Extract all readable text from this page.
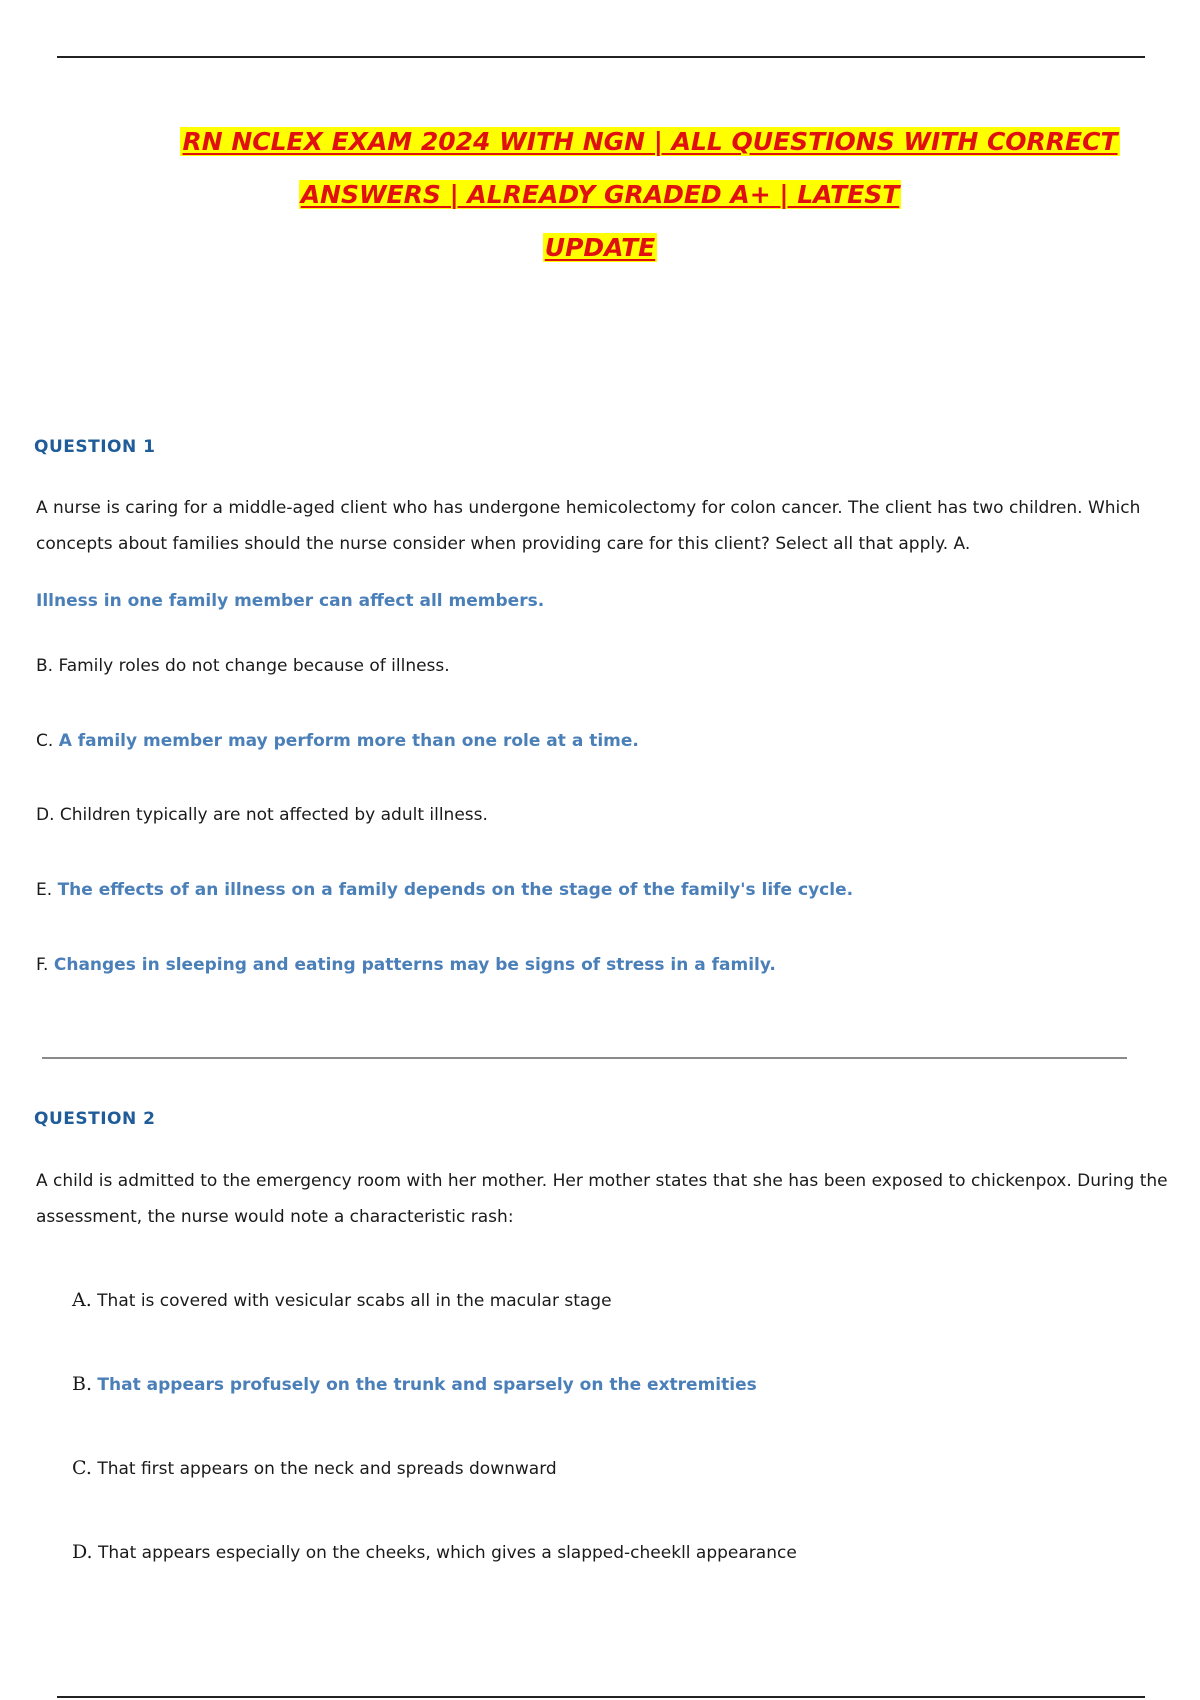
RN NCLEX EXAM 2024 WITH NGN | ALL QUESTIONS WITH CORRECT
ANSWERS | ALREADY GRADED A+ | LATEST
UPDATE
QUESTION 1
A nurse is caring for a middle-aged client who has undergone hemicolectomy for colon cancer. The client has two children. Which concepts about families should the nurse consider when providing care for this client? Select all that apply. A.
Illness in one family member can affect all members.
B. Family roles do not change because of illness.
C. A family member may perform more than one role at a time.
D. Children typically are not affected by adult illness.
E. The effects of an illness on a family depends on the stage of the family's life cycle.
F. Changes in sleeping and eating patterns may be signs of stress in a family.
QUESTION 2
A child is admitted to the emergency room with her mother. Her mother states that she has been exposed to chickenpox. During the assessment, the nurse would note a characteristic rash:
A. That is covered with vesicular scabs all in the macular stage
B. That appears profusely on the trunk and sparsely on the extremities
C. That first appears on the neck and spreads downward
D. That appears especially on the cheeks, which gives a slapped-cheekll appearance
